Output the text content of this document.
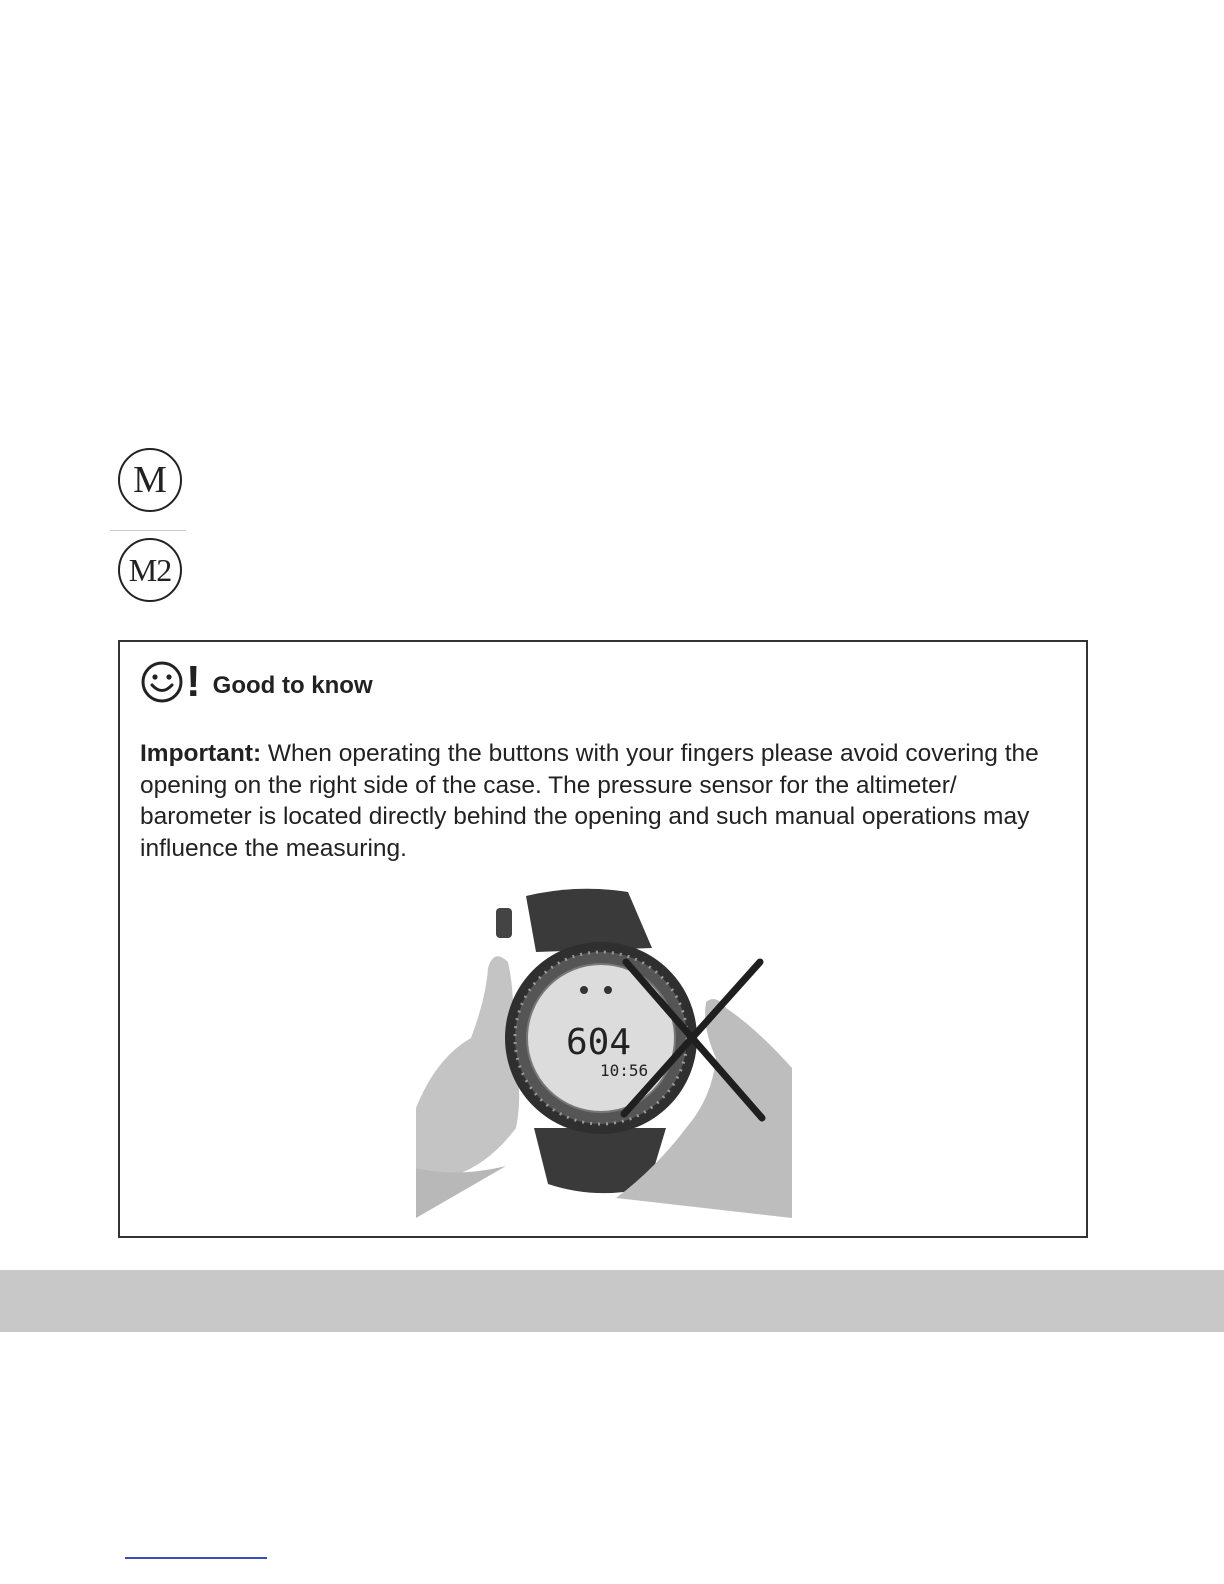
M
M2
! Good to know

Important: When operating the buttons with your fingers please avoid covering the opening on the right side of the case. The pressure sensor for the altimeter/ barometer is located directly behind the opening and such manual operations may influence the measuring.

604
10:56
